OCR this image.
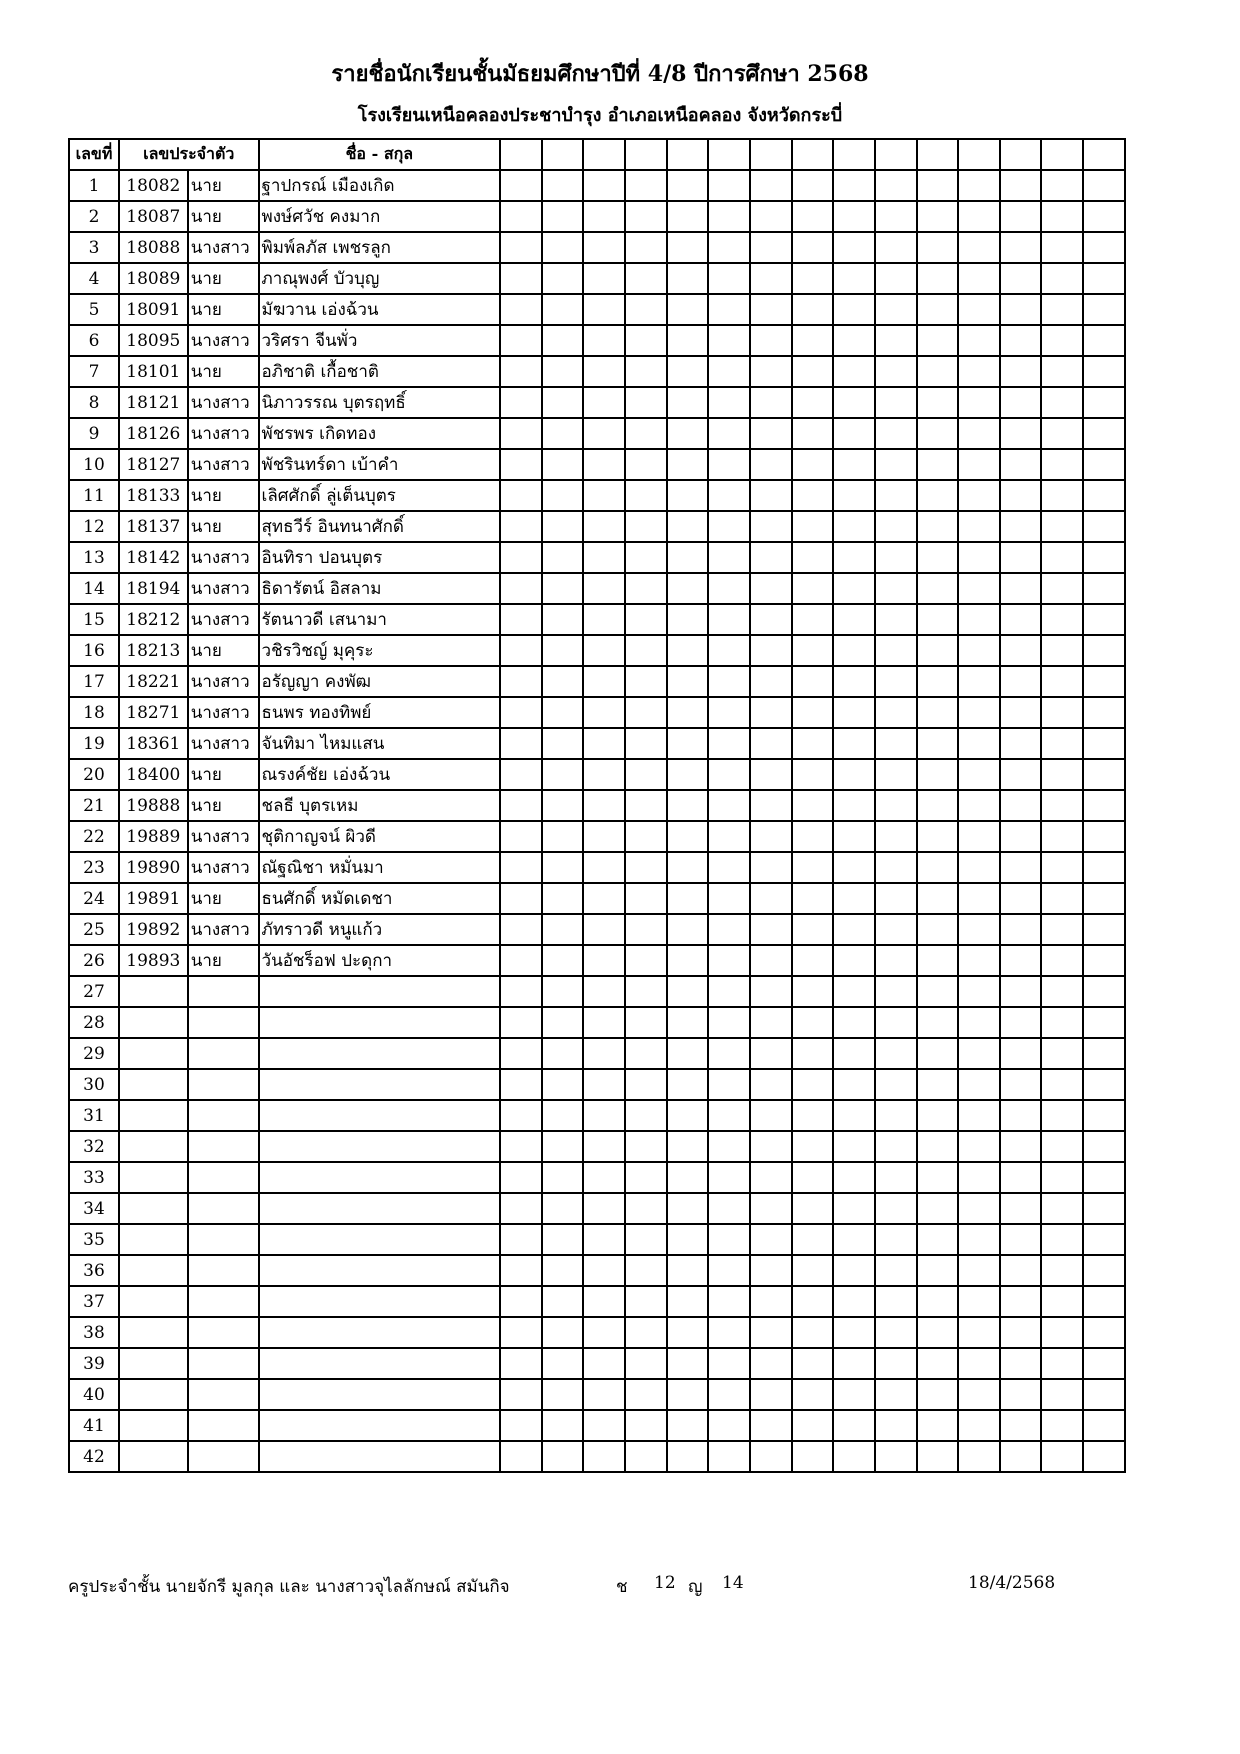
รายชื่อนักเรียนชั้นมัธยมศึกษาปีที่ 4/8 ปีการศึกษา 2568
โรงเรียนเหนือคลองประชาบำรุง อำเภอเหนือคลอง จังหวัดกระบี่
เลขที่	เลขประจำตัว		ชื่อ - สกุล															
1	18082	นาย	ฐาปกรณ์ เมืองเกิด															
2	18087	นาย	พงษ์ศวัช คงมาก															
3	18088	นางสาว	พิมพ์ลภัส เพชรลูก															
4	18089	นาย	ภาณุพงศ์ บัวบุญ															
5	18091	นาย	มัฆวาน เอ่งฉ้วน															
6	18095	นางสาว	วริศรา จีนพั่ว															
7	18101	นาย	อภิชาติ เกื้อชาติ															
8	18121	นางสาว	นิภาวรรณ บุตรฤทธิ์															
9	18126	นางสาว	พัชรพร เกิดทอง															
10	18127	นางสาว	พัชรินทร์ดา เบ้าคำ															
11	18133	นาย	เลิศศักดิ์ ลู่เต็นบุตร															
12	18137	นาย	สุทธวีร์ อินทนาศักดิ์															
13	18142	นางสาว	อินทิรา ปอนบุตร															
14	18194	นางสาว	ธิดารัตน์ อิสลาม															
15	18212	นางสาว	รัตนาวดี เสนามา															
16	18213	นาย	วชิรวิชญ์ มุคุระ															
17	18221	นางสาว	อรัญญา คงพัฒ															
18	18271	นางสาว	ธนพร ทองทิพย์															
19	18361	นางสาว	จันทิมา ไหมแสน															
20	18400	นาย	ณรงค์ชัย เอ่งฉ้วน															
21	19888	นาย	ชลธี บุตรเหม															
22	19889	นางสาว	ชุติกาญจน์ ผิวดี															
23	19890	นางสาว	ณัฐณิชา หมั่นมา															
24	19891	นาย	ธนศักดิ์ หมัดเดชา															
25	19892	นางสาว	ภัทราวดี หนูแก้ว															
26	19893	นาย	วันอัชร็อฟ ปะดุกา															
27																		
28																		
29																		
30																		
31																		
32																		
33																		
34																		
35																		
36																		
37																		
38																		
39																		
40																		
41																		
42																		
ครูประจำชั้น นายจักรี มูลกุล และ นางสาวจุไลลักษณ์ สมันกิจ	ช 12 ญ 14	18/4/2568
